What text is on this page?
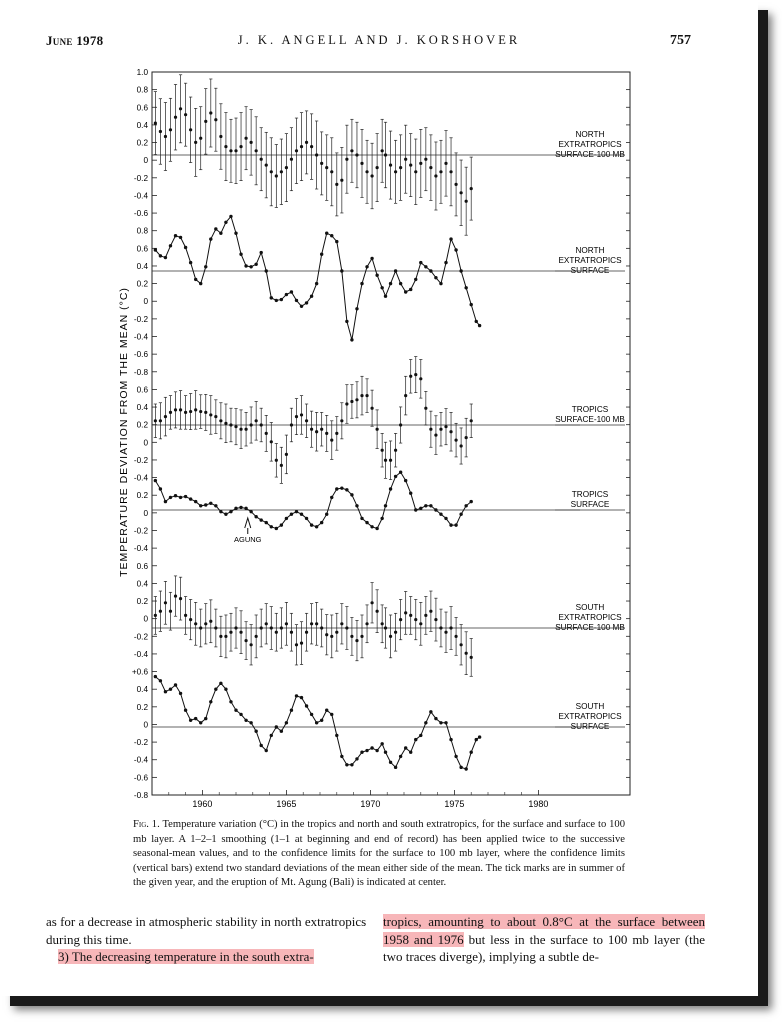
June 1978	J. K. ANGELL AND J. KORSHOVER	757
1.0
0.8
0.6
0.4
0.2
0
-0.2
-0.4
-0.6
0.8
0.6
0.4
0.2
0
-0.2
-0.4
-0.6
-0.8
0.6
0.4
0.2
0
-0.2
-0.4
0.2
0
-0.2
-0.4
0.6
0.4
0.2
0
-0.2
-0.4
+0.6
0.4
0.2
0
-0.2
-0.4
-0.6
-0.8
TEMPERATURE DEVIATION FROM THE MEAN (°C)
1960	1965	1970	1975	1980
NORTH
EXTRATROPICS
SURFACE-100 MB
NORTH
EXTRATROPICS
SURFACE
TROPICS
SURFACE-100 MB
TROPICS
SURFACE
SOUTH
EXTRATROPICS
SURFACE-100 MB
SOUTH
EXTRATROPICS
SURFACE
AGUNG
Fig. 1. Temperature variation (°C) in the tropics and north and south extratropics, for the surface and surface to 100 mb layer. A 1–2–1 smoothing (1–1 at beginning and end of record) has been applied twice to the successive seasonal-mean values, and to the confidence limits for the surface to 100 mb layer, where the confidence limits (vertical bars) extend two standard deviations of the mean either side of the mean. The tick marks are in summer of the given year, and the eruption of Mt. Agung (Bali) is indicated at center.
as for a decrease in atmospheric stability in north extratropics during this time.
3) The decreasing temperature in the south extra-
tropics, amounting to about 0.8°C at the surface between 1958 and 1976 but less in the surface to 100 mb layer (the two traces diverge), implying a subtle de-
